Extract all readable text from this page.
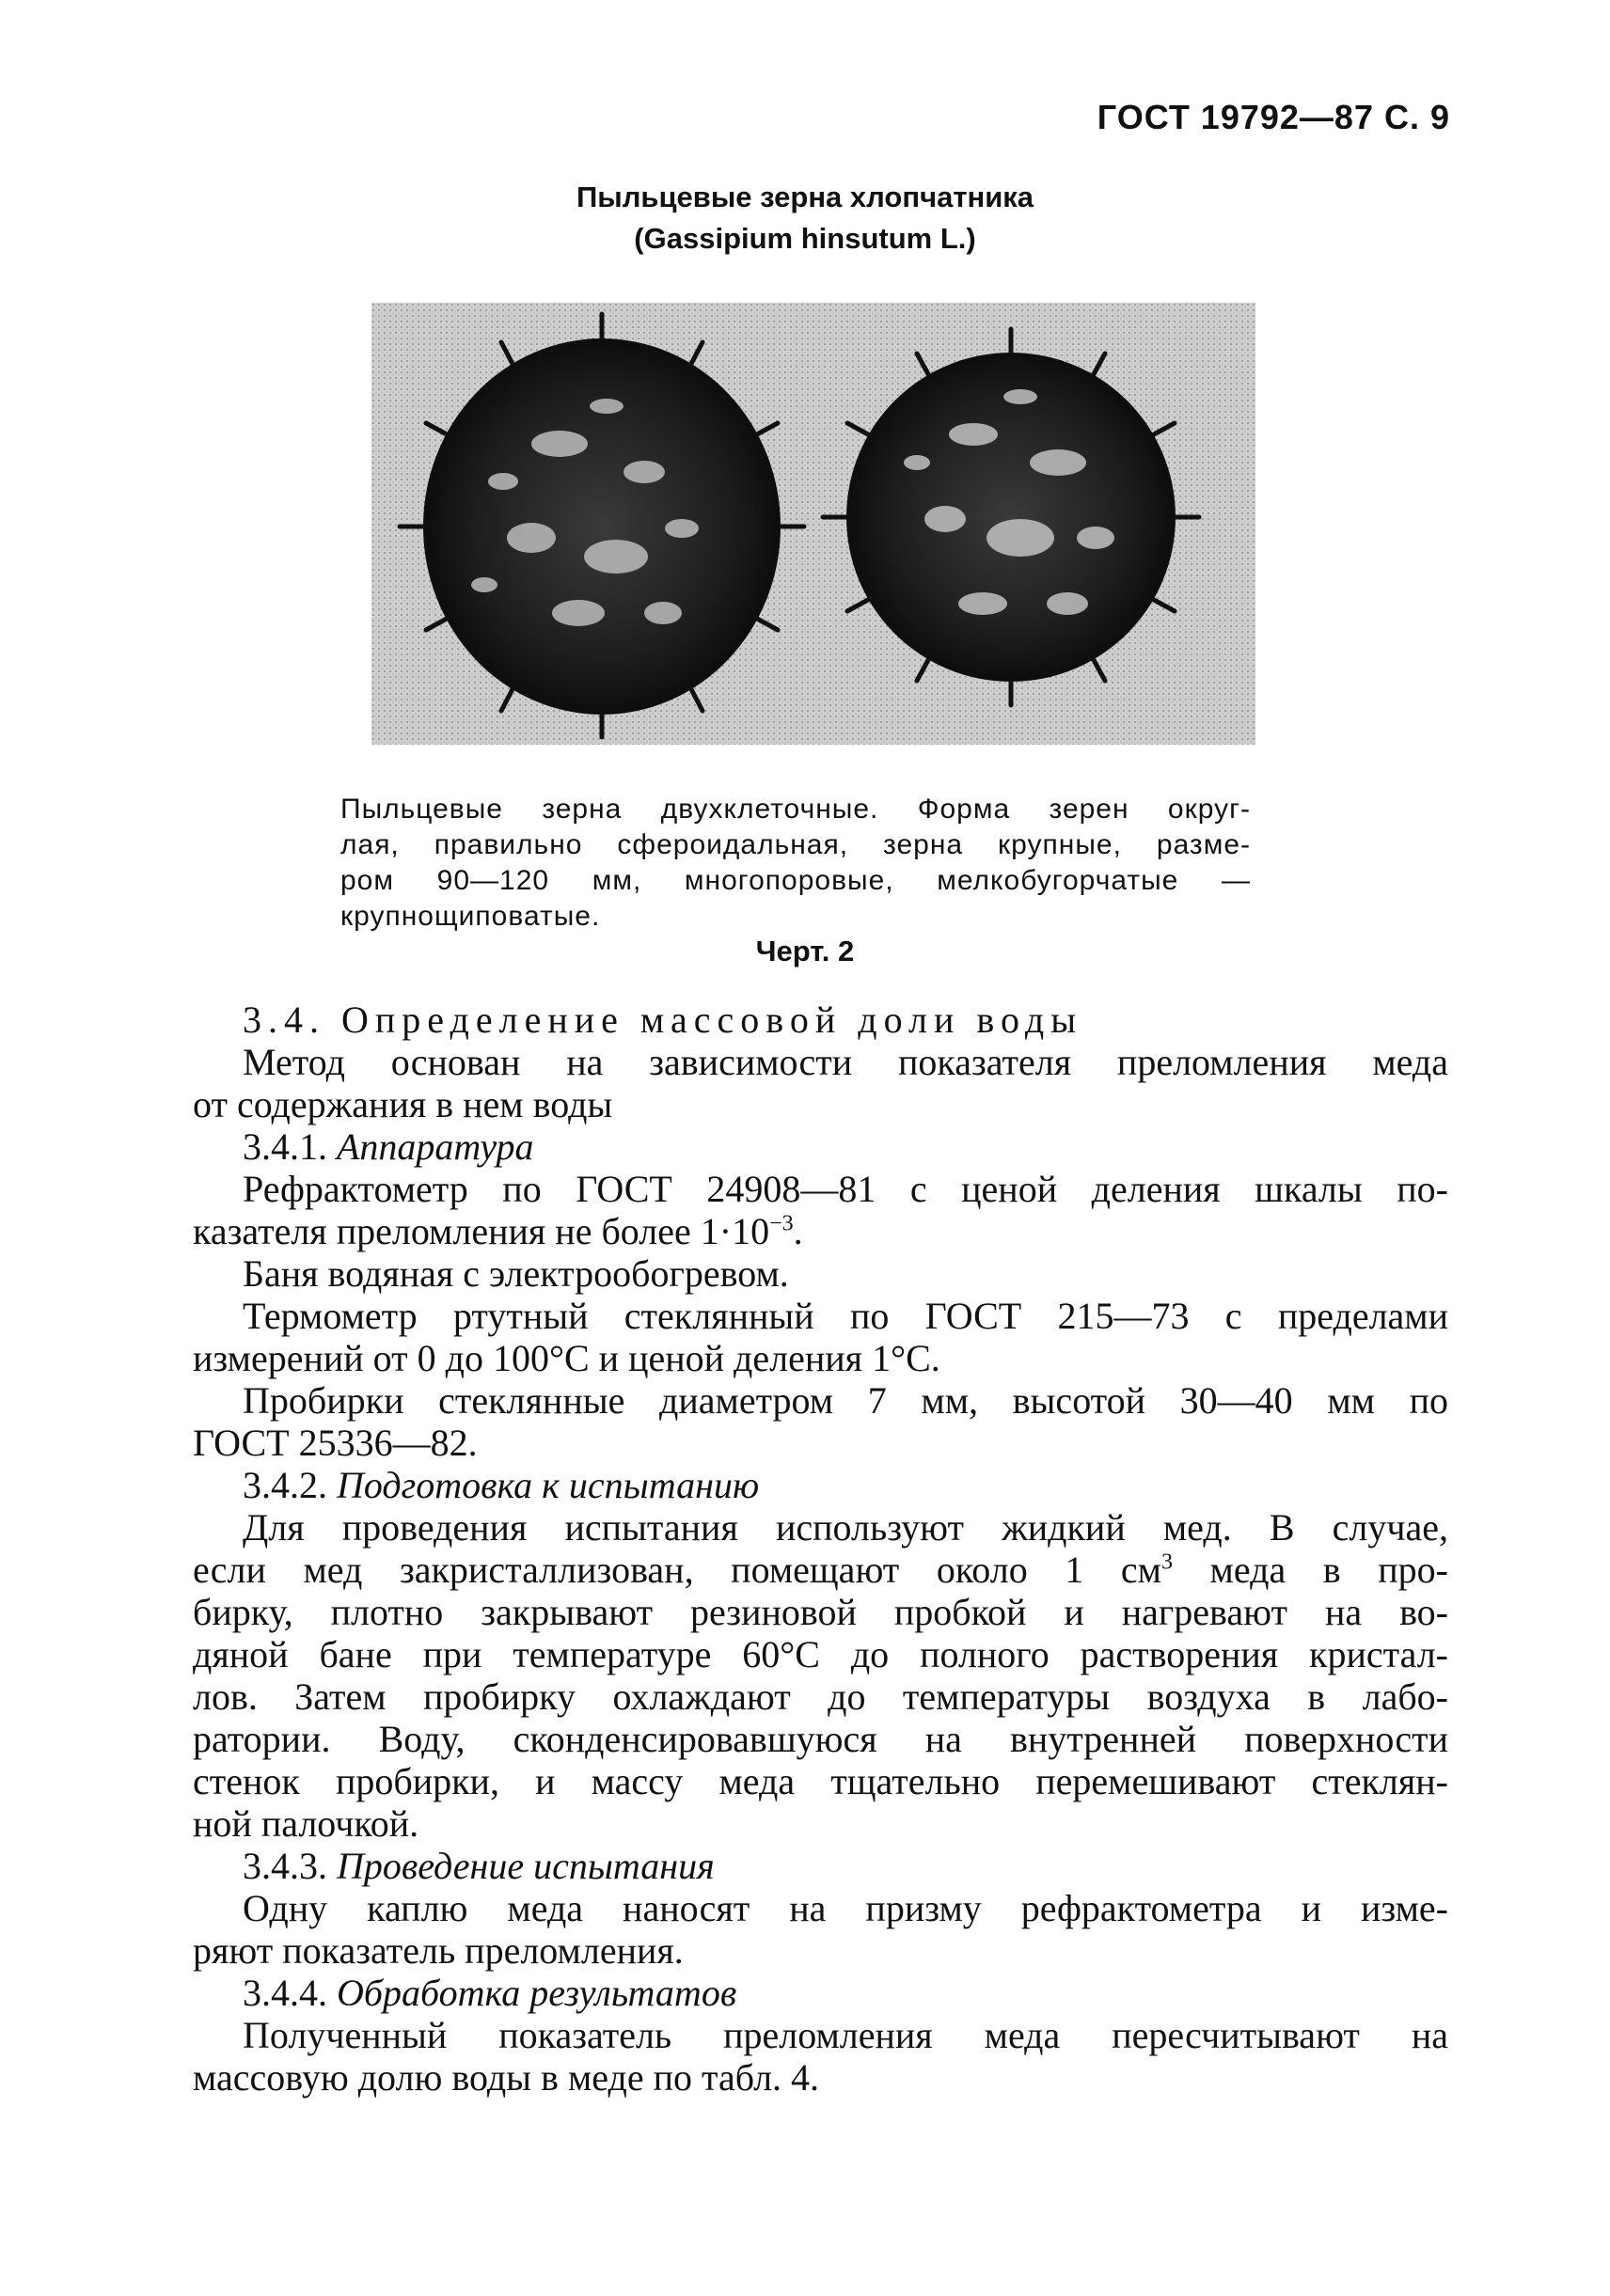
ГОСТ 19792—87 С. 9
Пыльцевые зерна хлопчатника
(Gassipium hinsutum L.)

Пыльцевые зерна двухклеточные. Форма зерен округ-

лая, правильно сфероидальная, зерна крупные, разме-

ром 90—120 мм, многопоровые, мелкобугорчатые —

крупнощиповатые.

Черт. 2

3.4. Определение массовой доли воды

Метод основан на зависимости показателя преломления меда

от содержания в нем воды

3.4.1. Аппаратура

Рефрактометр по ГОСТ 24908—81 с ценой деления шкалы по-

казателя преломления не более $1\cdot 10^{-3}$.

Баня водяная с электрообогревом.

Термометр ртутный стеклянный по ГОСТ 215—73 с пределами

измерений от 0 до 100°С и ценой деления 1°С.

Пробирки стеклянные диаметром 7 мм, высотой 30—40 мм по

ГОСТ 25336—82.

3.4.2. Подготовка к испытанию

Для проведения испытания используют жидкий мед. В случае,

если мед закристаллизован, помещают около 1 $см^3$ меда в про-

бирку, плотно закрывают резиновой пробкой и нагревают на во-

дяной бане при температуре 60°С до полного растворения кристал-

лов. Затем пробирку охлаждают до температуры воздуха в лабо-

ратории. Воду, сконденсировавшуюся на внутренней поверхности

стенок пробирки, и массу меда тщательно перемешивают стеклян-

ной палочкой.

3.4.3. Проведение испытания

Одну каплю меда наносят на призму рефрактометра и изме-

ряют показатель преломления.

3.4.4. Обработка результатов

Полученный показатель преломления меда пересчитывают на

массовую долю воды в меде по табл. 4.
